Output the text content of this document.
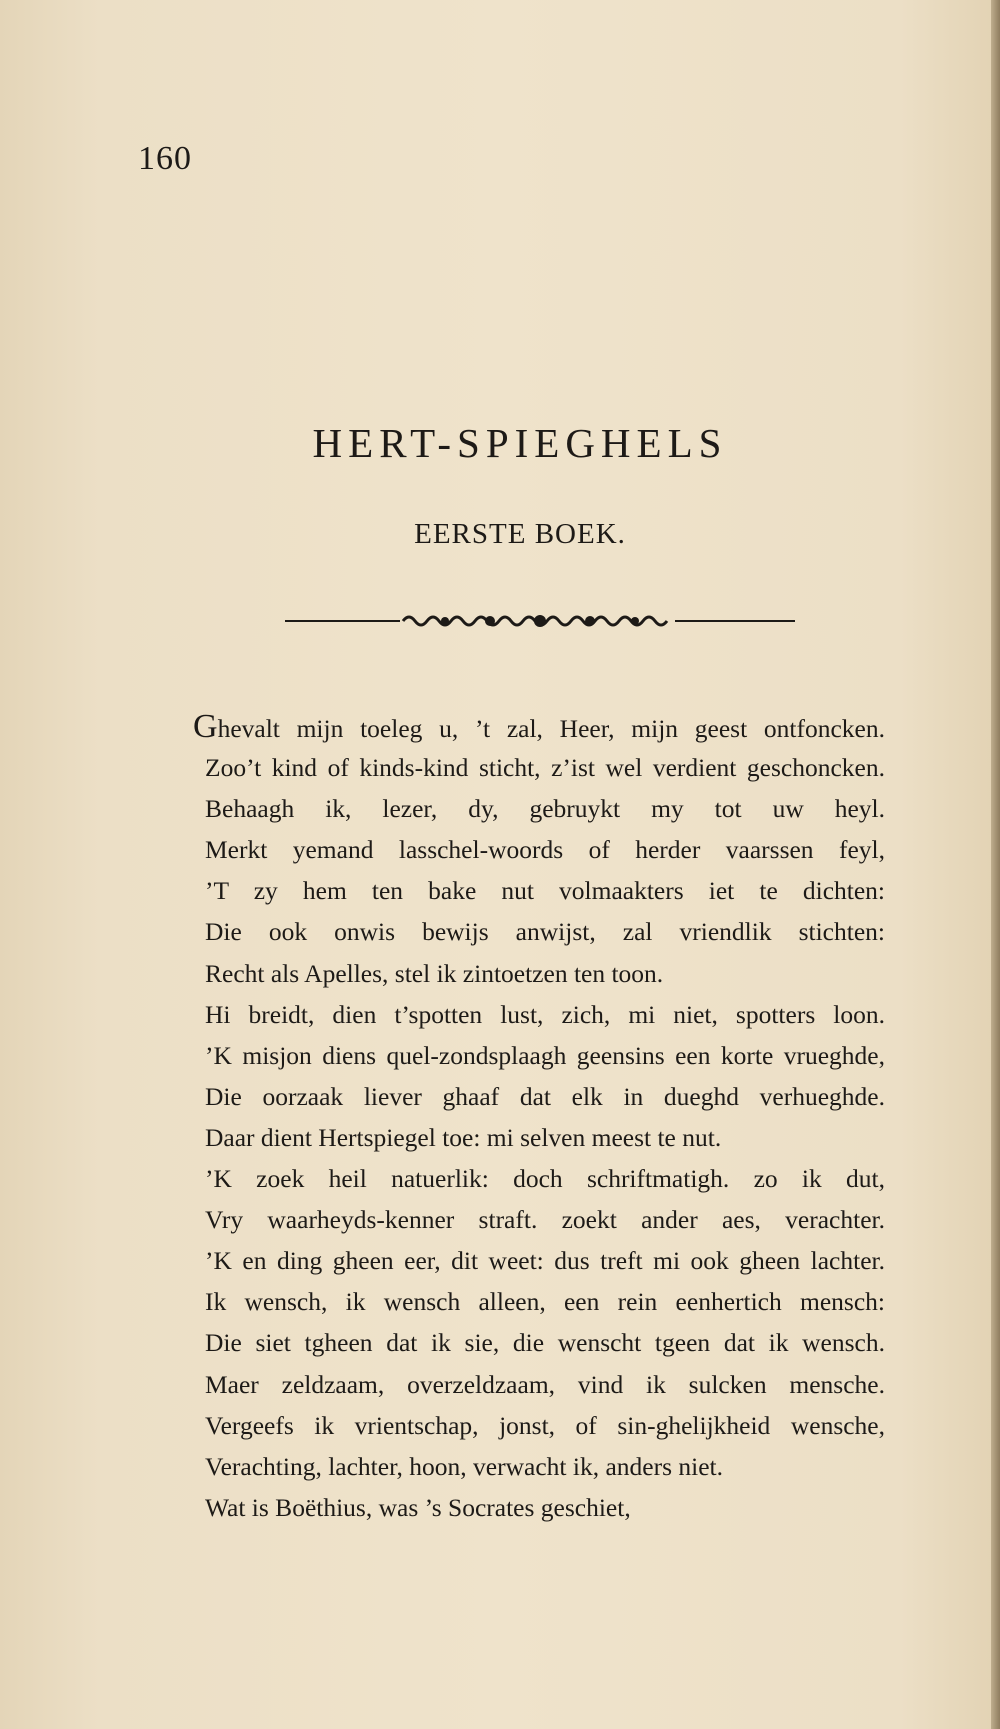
160
HERT-SPIEGHELS
EERSTE BOEK.
Ghevalt mijn toeleg u, ’t zal, Heer, mijn geest ontfoncken.
Zoo’t kind of kinds-kind sticht, z’ist wel verdient geschoncken.
Behaagh ik, lezer, dy, gebruykt my tot uw heyl.
Merkt yemand lasschel-woords of herder vaarssen feyl,
’T zy hem ten bake nut volmaakters iet te dichten:
Die ook onwis bewijs anwijst, zal vriendlik stichten:
Recht als Apelles, stel ik zintoetzen ten toon.
Hi breidt, dien t’spotten lust, zich, mi niet, spotters loon.
’K misjon diens quel-zondsplaagh geensins een korte vrueghde,
Die oorzaak liever ghaaf dat elk in dueghd verhueghde.
Daar dient Hertspiegel toe: mi selven meest te nut.
’K zoek heil natuerlik: doch schriftmatigh. zo ik dut,
Vry waarheyds-kenner straft. zoekt ander aes, verachter.
’K en ding gheen eer, dit weet: dus treft mi ook gheen lachter.
Ik wensch, ik wensch alleen, een rein eenhertich mensch:
Die siet tgheen dat ik sie, die wenscht tgeen dat ik wensch.
Maer zeldzaam, overzeldzaam, vind ik sulcken mensche.
Vergeefs ik vrientschap, jonst, of sin-ghelijkheid wensche,
Verachting, lachter, hoon, verwacht ik, anders niet.
Wat is Boëthius, was ’s Socrates geschiet,
